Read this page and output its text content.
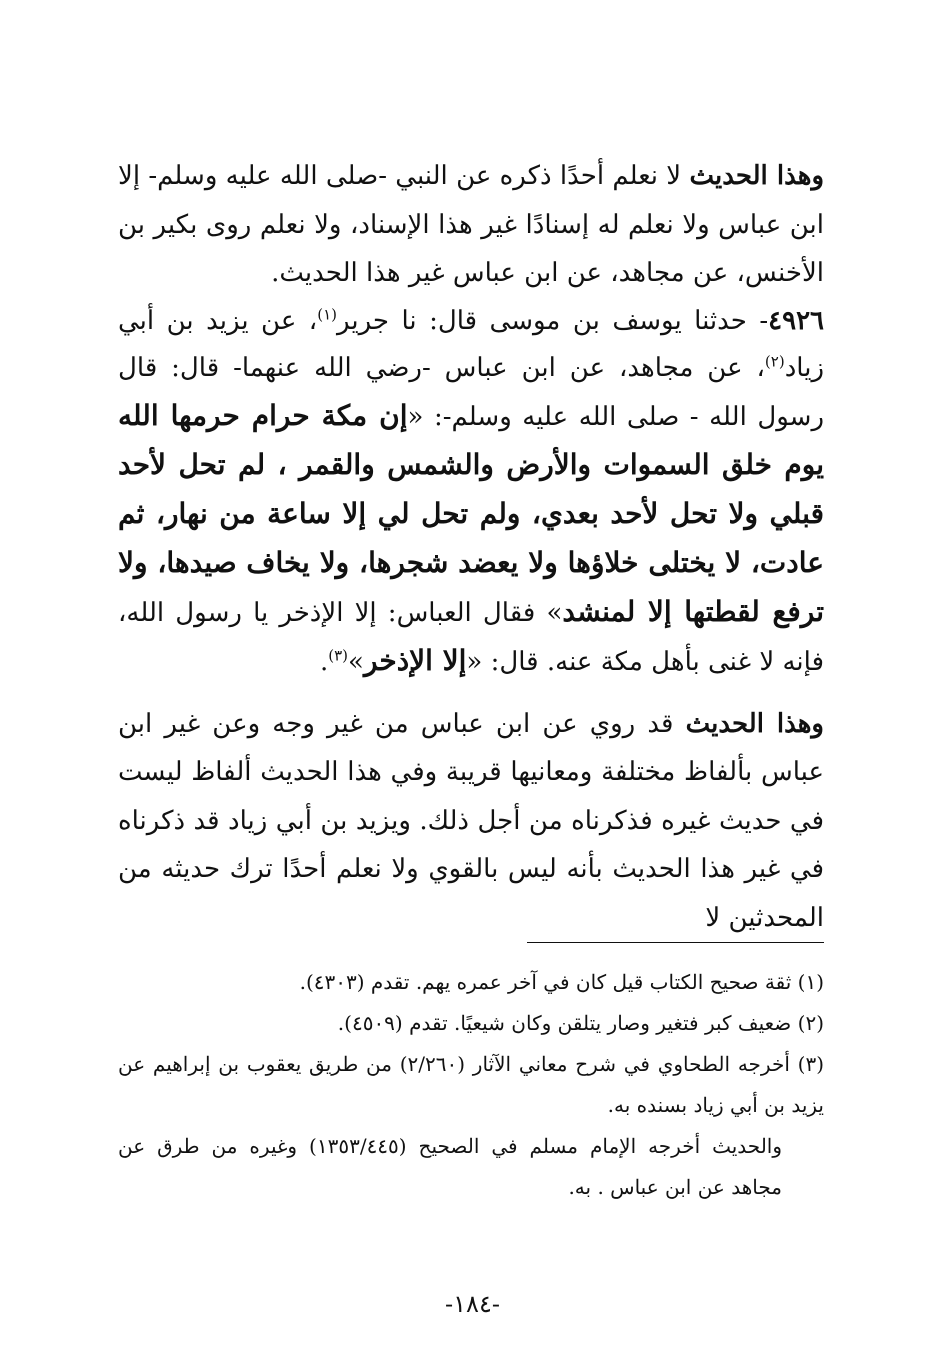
وهذا الحديث لا نعلم أحدًا ذكره عن النبي -صلى الله عليه وسلم- إلا ابن عباس ولا نعلم له إسنادًا غير هذا الإسناد، ولا نعلم روى بكير بن الأخنس، عن مجاهد، عن ابن عباس غير هذا الحديث.

٤٩٢٦- حدثنا يوسف بن موسى قال: نا جرير$^{(١)}$، عن يزيد بن أبي زياد$^{(٢)}$، عن مجاهد، عن ابن عباس -رضي الله عنهما- قال: قال رسول الله - صلى الله عليه وسلم-: «إن مكة حرام حرمها الله يوم خلق السموات والأرض والشمس والقمر ، لم تحل لأحد قبلي ولا تحل لأحد بعدي، ولم تحل لي إلا ساعة من نهار، ثم عادت، لا يختلى خلاؤها ولا يعضد شجرها، ولا يخاف صيدها، ولا ترفع لقطتها إلا لمنشد» فقال العباس: إلا الإذخر يا رسول الله، فإنه لا غنى بأهل مكة عنه. قال: «إلا الإذخر»$^{(٣)}$.

وهذا الحديث قد روي عن ابن عباس من غير وجه وعن غير ابن عباس بألفاظ مختلفة ومعانيها قريبة وفي هذا الحديث ألفاظ ليست في حديث غيره فذكرناه من أجل ذلك. ويزيد بن أبي زياد قد ذكرناه في غير هذا الحديث بأنه ليس بالقوي ولا نعلم أحدًا ترك حديثه من المحدثين لا

(١) ثقة صحيح الكتاب قيل كان في آخر عمره يهم. تقدم (٤٣٠٣).

(٢) ضعيف كبر فتغير وصار يتلقن وكان شيعيًا. تقدم (٤٥٠٩).

(٣) أخرجه الطحاوي في شرح معاني الآثار (٢/٢٦٠) من طريق يعقوب بن إبراهيم عن يزيد بن أبي زياد بسنده به.

والحديث أخرجه الإمام مسلم في الصحيح (١٣٥٣/٤٤٥) وغيره من طرق عن مجاهد عن ابن عباس . به.

-١٨٤-
